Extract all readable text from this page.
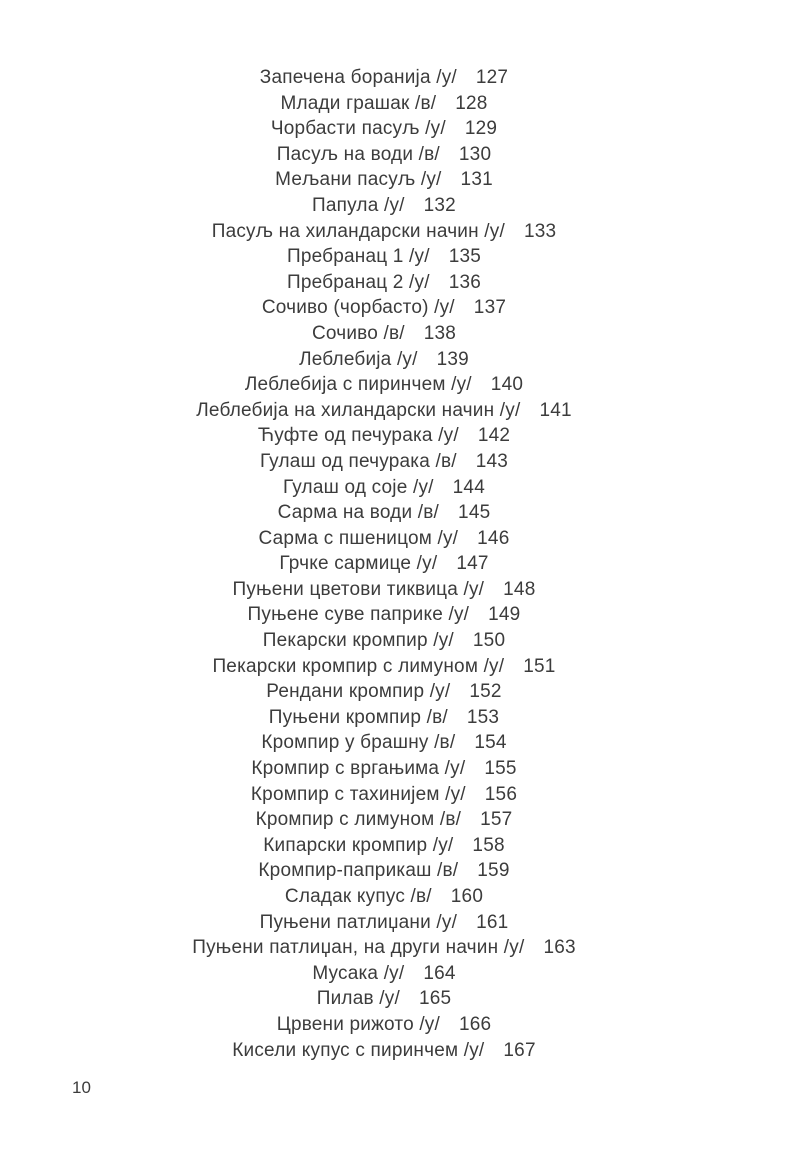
Запечена боранија /у/ 127
Млади грашак /в/ 128
Чорбасти пасуљ /у/ 129
Пасуљ на води /в/ 130
Мељани пасуљ /у/ 131
Папула /у/ 132
Пасуљ на хиландарски начин /у/ 133
Пребранац 1 /у/ 135
Пребранац 2 /у/ 136
Сочиво (чорбасто) /у/ 137
Сочиво /в/ 138
Леблебија /у/ 139
Леблебија с пиринчем /у/ 140
Леблебија на хиландарски начин /у/ 141
Ћуфте од печурака /у/ 142
Гулаш од печурака /в/ 143
Гулаш од соје /у/ 144
Сарма на води /в/ 145
Сарма с пшеницом /у/ 146
Грчке сармице /у/ 147
Пуњени цветови тиквица /у/ 148
Пуњене суве паприке /у/ 149
Пекарски кромпир /у/ 150
Пекарски кромпир с лимуном /у/ 151
Рендани кромпир /у/ 152
Пуњени кромпир /в/ 153
Кромпир у брашну /в/ 154
Кромпир с вргањима /у/ 155
Кромпир с тахинијем /у/ 156
Кромпир с лимуном /в/ 157
Кипарски кромпир /у/ 158
Кромпир-паприкаш /в/ 159
Сладак купус /в/ 160
Пуњени патлиџани /у/ 161
Пуњени патлиџан, на други начин /у/ 163
Мусака /у/ 164
Пилав /у/ 165
Црвени рижото /у/ 166
Кисели купус с пиринчем /у/ 167
10
